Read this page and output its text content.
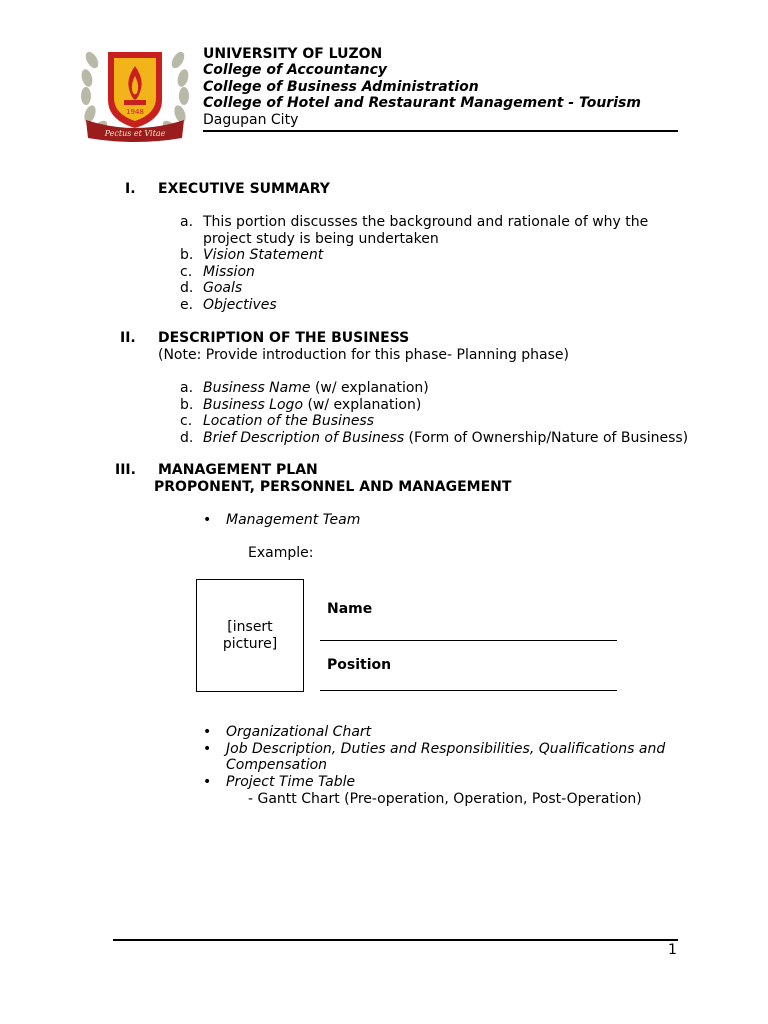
1948
Pectus et Vitae
UNIVERSITY OF LUZON
College of Accountancy
College of Business Administration
College of Hotel and Restaurant Management - Tourism
Dagupan City
I. EXECUTIVE SUMMARY
a. This portion discusses the background and rationale of why the
project study is being undertaken
b. Vision Statement
c. Mission
d. Goals
e. Objectives
II. DESCRIPTION OF THE BUSINESS
(Note: Provide introduction for this phase- Planning phase)
a. Business Name (w/ explanation)
b. Business Logo (w/ explanation)
c. Location of the Business
d. Brief Description of Business (Form of Ownership/Nature of Business)
III. MANAGEMENT PLAN
PROPONENT, PERSONNEL AND MANAGEMENT
• Management Team
Example:
[insert
picture]
Name
Position
• Organizational Chart
• Job Description, Duties and Responsibilities, Qualifications and
Compensation
• Project Time Table
- Gantt Chart (Pre-operation, Operation, Post-Operation)
1
